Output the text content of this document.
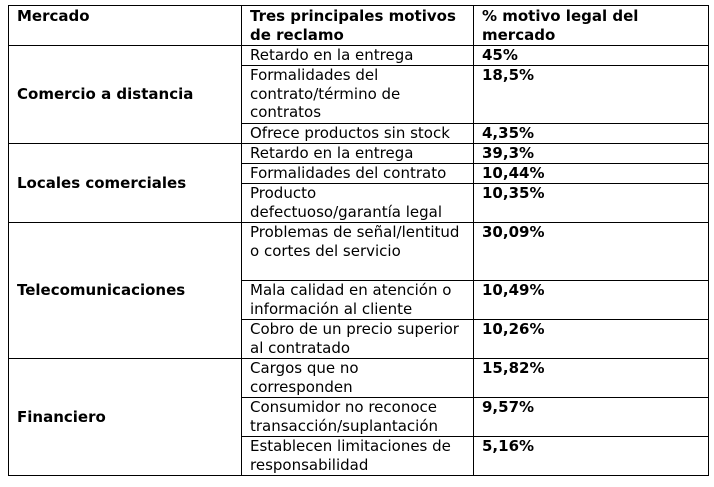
Mercado	Tres principales motivos de reclamo	% motivo legal del mercado
Comercio a distancia	Retardo en la entrega	45%
	Formalidades del contrato/término de contratos	18,5%
	Ofrece productos sin stock	4,35%
Locales comerciales	Retardo en la entrega	39,3%
	Formalidades del contrato	10,44%
	Producto defectuoso/garantía legal	10,35%
Telecomunicaciones	Problemas de señal/lentitud o cortes del servicio	30,09%
	Mala calidad en atención o información al cliente	10,49%
	Cobro de un precio superior al contratado	10,26%
Financiero	Cargos que no corresponden	15,82%
	Consumidor no reconoce transacción/suplantación	9,57%
	Establecen limitaciones de responsabilidad	5,16%
